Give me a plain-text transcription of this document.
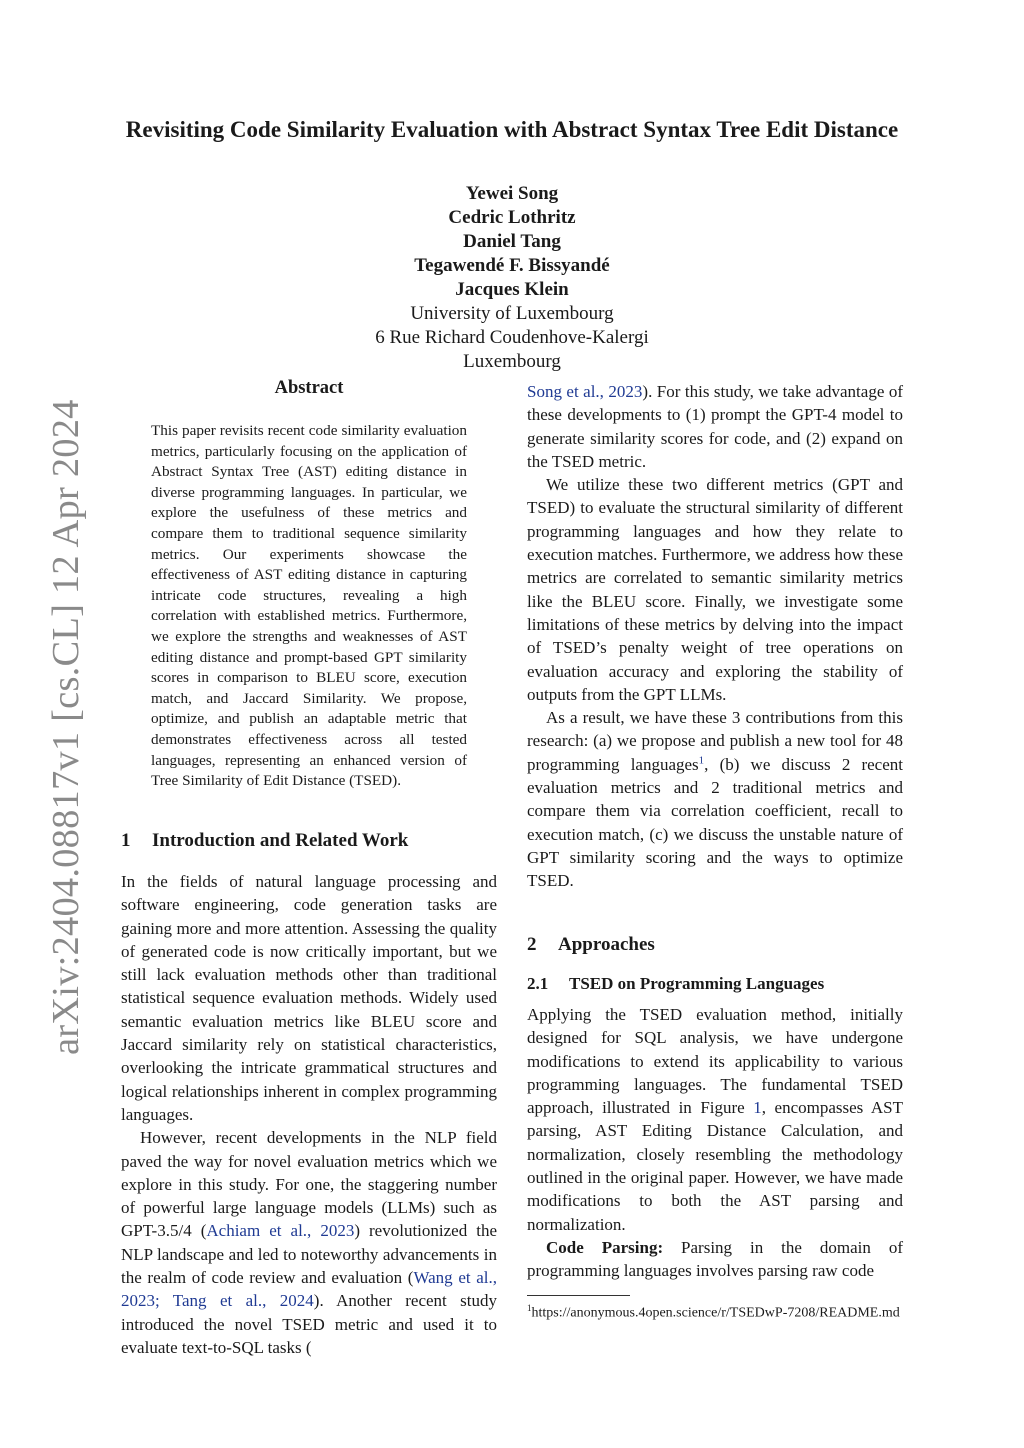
arXiv:2404.08817v1 [cs.CL] 12 Apr 2024
Revisiting Code Similarity Evaluation with Abstract Syntax Tree Edit Distance
Yewei Song
Cedric Lothritz
Daniel Tang
Tegawendé F. Bissyandé
Jacques Klein
University of Luxembourg
6 Rue Richard Coudenhove-Kalergi
Luxembourg
Abstract
This paper revisits recent code similarity evaluation metrics, particularly focusing on the application of Abstract Syntax Tree (AST) editing distance in diverse programming languages. In particular, we explore the usefulness of these metrics and compare them to traditional sequence similarity metrics. Our experiments showcase the effectiveness of AST editing distance in capturing intricate code structures, revealing a high correlation with established metrics. Furthermore, we explore the strengths and weaknesses of AST editing distance and prompt-based GPT similarity scores in comparison to BLEU score, execution match, and Jaccard Similarity. We propose, optimize, and publish an adaptable metric that demonstrates effectiveness across all tested languages, representing an enhanced version of Tree Similarity of Edit Distance (TSED).
1 Introduction and Related Work

In the fields of natural language processing and software engineering, code generation tasks are gaining more and more attention. Assessing the quality of generated code is now critically important, but we still lack evaluation methods other than traditional statistical sequence evaluation methods. Widely used semantic evaluation metrics like BLEU score and Jaccard similarity rely on statistical characteristics, overlooking the intricate grammatical structures and logical relationships inherent in complex programming languages.

However, recent developments in the NLP field paved the way for novel evaluation metrics which we explore in this study. For one, the staggering number of powerful large language models (LLMs) such as GPT-3.5/4 (Achiam et al., 2023) revolutionized the NLP landscape and led to noteworthy advancements in the realm of code review and evaluation (Wang et al., 2023; Tang et al., 2024). Another recent study introduced the novel TSED metric and used it to evaluate text-to-SQL tasks (

Song et al., 2023). For this study, we take advantage of these developments to (1) prompt the GPT-4 model to generate similarity scores for code, and (2) expand on the TSED metric.

We utilize these two different metrics (GPT and TSED) to evaluate the structural similarity of different programming languages and how they relate to execution matches. Furthermore, we address how these metrics are correlated to semantic similarity metrics like the BLEU score. Finally, we investigate some limitations of these metrics by delving into the impact of TSED’s penalty weight of tree operations on evaluation accuracy and exploring the stability of outputs from the GPT LLMs.

As a result, we have these 3 contributions from this research: (a) we propose and publish a new tool for 48 programming languages$^1$, (b) we discuss 2 recent evaluation metrics and 2 traditional metrics and compare them via correlation coefficient, recall to execution match, (c) we discuss the unstable nature of GPT similarity scoring and the ways to optimize TSED.

2 Approaches
2.1 TSED on Programming Languages

Applying the TSED evaluation method, initially designed for SQL analysis, we have undergone modifications to extend its applicability to various programming languages. The fundamental TSED approach, illustrated in Figure 1, encompasses AST parsing, AST Editing Distance Calculation, and normalization, closely resembling the methodology outlined in the original paper. However, we have made modifications to both the AST parsing and normalization.

Code Parsing: Parsing in the domain of programming languages involves parsing raw code

$^1$https://anonymous.4open.science/r/TSEDwP-7208/README.md
